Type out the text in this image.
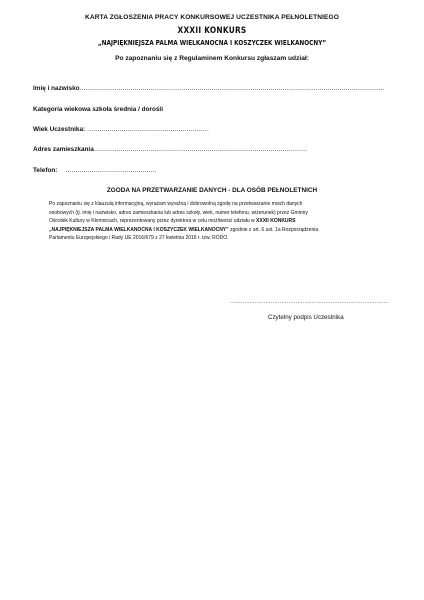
KARTA ZGŁOSZENIA PRACY KONKURSOWEJ UCZESTNIKA PEŁNOLETNIEGO
XXXII KONKURS
„NAJPIĘKNIEJSZA PALMA WIELKANOCNA I KOSZYCZEK WIELKANOCNY”
Po zapoznaniu się z Regulaminem Konkursu zgłaszam udział:
Imię i nazwisko……………………………………………………………………………………………………………………………………
Kategoria wiekowa szkoła średnia / dorośli
Wiek Uczestnika: ……………………………………………………
Adres zamieszkania……………………………………………………………………………………………
Telefon: ………………………………………
ZGODA NA PRZETWARZANIE DANYCH - DLA OSÓB PEŁNOLETNICH

Po zapoznaniu się z klauzulą informacyjną, wyrażam wyraźną i dobrowolną zgodę na przetwarzanie moich danych

osobowych (tj. imię i nazwisko, adres zamieszkania lub adres szkoły, wiek, numer telefonu, wizerunek) przez Gminny

Ośrodek Kultury w Kłomnicach, reprezentowany przez dyrektora w celu możliwości udziału w XXXII KONKURS

„NAJPIĘKNIEJSZA PALMA WIELKANOCNA I KOSZYCZEK WIELKANOCNY” zgodnie z art. 6 ust. 1a Rozporządzenia

Parlamentu Europejskiego i Rady UE 2016/679 z 27 kwietnia 2016 r. tzw. RODO.

………………………………………………………………………………
Czytelny podpis Uczestnika
